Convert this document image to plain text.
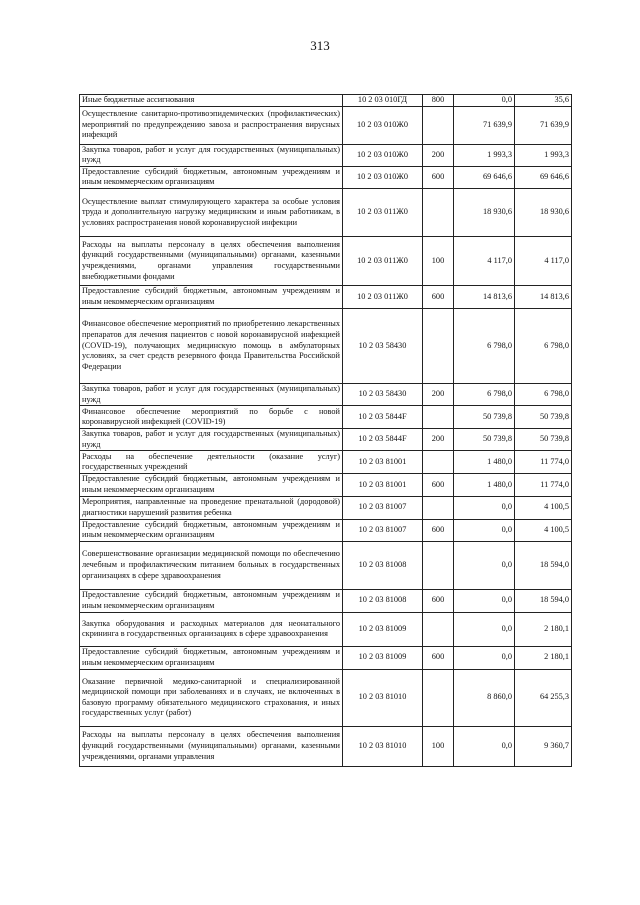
313
Иные бюджетные ассигнования	10 2 03 010ГД	800	0,0	35,6
Осуществление санитарно-противоэпидемических (профилактических) мероприятий по предупреждению завоза и распространения вирусных инфекций	10 2 03 010Ж0		71 639,9	71 639,9
Закупка товаров, работ и услуг для государственных (муниципальных) нужд	10 2 03 010Ж0	200	1 993,3	1 993,3
Предоставление субсидий бюджетным, автономным учреждениям и иным некоммерческим организациям	10 2 03 010Ж0	600	69 646,6	69 646,6
Осуществление выплат стимулирующего характера за особые условия труда и дополнительную нагрузку медицинским и иным работникам, в условиях распространения новой коронавирусной инфекции	10 2 03 011Ж0		18 930,6	18 930,6
Расходы на выплаты персоналу в целях обеспечения выполнения функций государственными (муниципальными) органами, казенными учреждениями, органами управления государственными внебюджетными фондами	10 2 03 011Ж0	100	4 117,0	4 117,0
Предоставление субсидий бюджетным, автономным учреждениям и иным некоммерческим организациям	10 2 03 011Ж0	600	14 813,6	14 813,6
Финансовое обеспечение мероприятий по приобретению лекарственных препаратов для лечения пациентов с новой коронавирусной инфекцией (COVID-19), получающих медицинскую помощь в амбулаторных условиях, за счет средств резервного фонда Правительства Российской Федерации	10 2 03 58430		6 798,0	6 798,0
Закупка товаров, работ и услуг для государственных (муниципальных) нужд	10 2 03 58430	200	6 798,0	6 798,0
Финансовое обеспечение мероприятий по борьбе с новой коронавирусной инфекцией (COVID-19)	10 2 03 5844F		50 739,8	50 739,8
Закупка товаров, работ и услуг для государственных (муниципальных) нужд	10 2 03 5844F	200	50 739,8	50 739,8
Расходы на обеспечение деятельности (оказание услуг) государственных учреждений	10 2 03 81001		1 480,0	11 774,0
Предоставление субсидий бюджетным, автономным учреждениям и иным некоммерческим организациям	10 2 03 81001	600	1 480,0	11 774,0
Мероприятия, направленные на проведение пренатальной (дородовой) диагностики нарушений развития ребенка	10 2 03 81007		0,0	4 100,5
Предоставление субсидий бюджетным, автономным учреждениям и иным некоммерческим организациям	10 2 03 81007	600	0,0	4 100,5
Совершенствование организации медицинской помощи по обеспечению лечебным и профилактическим питанием больных в государственных организациях в сфере здравоохранения	10 2 03 81008		0,0	18 594,0
Предоставление субсидий бюджетным, автономным учреждениям и иным некоммерческим организациям	10 2 03 81008	600	0,0	18 594,0
Закупка оборудования и расходных материалов для неонатального скрининга в государственных организациях в сфере здравоохранения	10 2 03 81009		0,0	2 180,1
Предоставление субсидий бюджетным, автономным учреждениям и иным некоммерческим организациям	10 2 03 81009	600	0,0	2 180,1
Оказание первичной медико-санитарной и специализированной медицинской помощи при заболеваниях и в случаях, не включенных в базовую программу обязательного медицинского страхования, и иных государственных услуг (работ)	10 2 03 81010		8 860,0	64 255,3
Расходы на выплаты персоналу в целях обеспечения выполнения функций государственными (муниципальными) органами, казенными учреждениями, органами управления	10 2 03 81010	100	0,0	9 360,7
